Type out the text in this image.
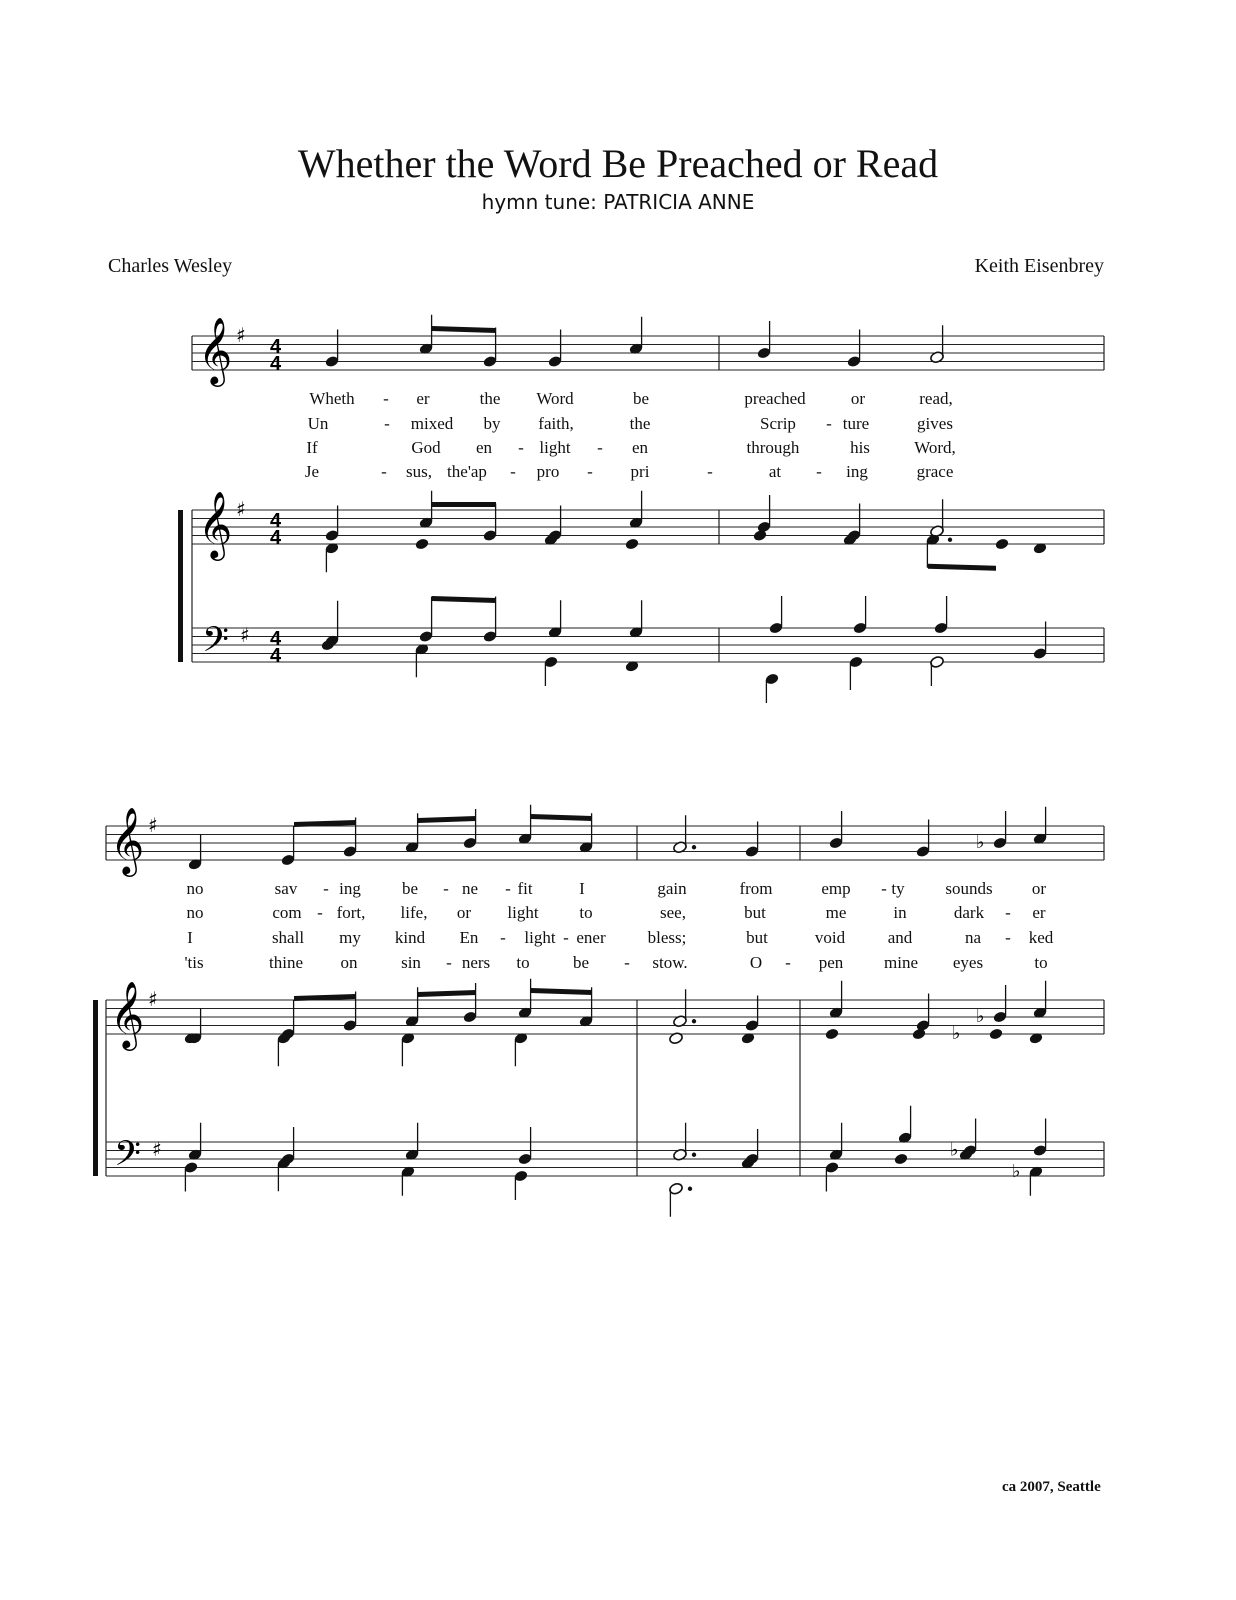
Whether the Word Be Preached or Read
hymn tune: PATRICIA ANNE
Charles Wesley	Keith Eisenbrey
ca 2007, Seattle
𝄞
𝄞
𝄢
♯
♯
♯
4
4
4
4
4
4
𝄞
𝄞
𝄢
♯
♯
♯
♭
♭
♭
♭
♭
Wheth - er	the Word	be	preached	or	read,
Un	- mixed by faith,	the	Scrip - ture	gives
If	God en - light - en	through	his	Word,
Je	- sus, the'ap - pro - pri	-	at - ing	grace
no	sav - ing be - ne - fit	I	gain	from	emp - ty sounds or
no	com - fort, life, or light to	see,	but	me	in	dark - er
I	shall my kind En - light - ener bless;	but	void	and	na - ked
'tis	thine on	sin - ners to	be - stow.	O - pen mine eyes	to
